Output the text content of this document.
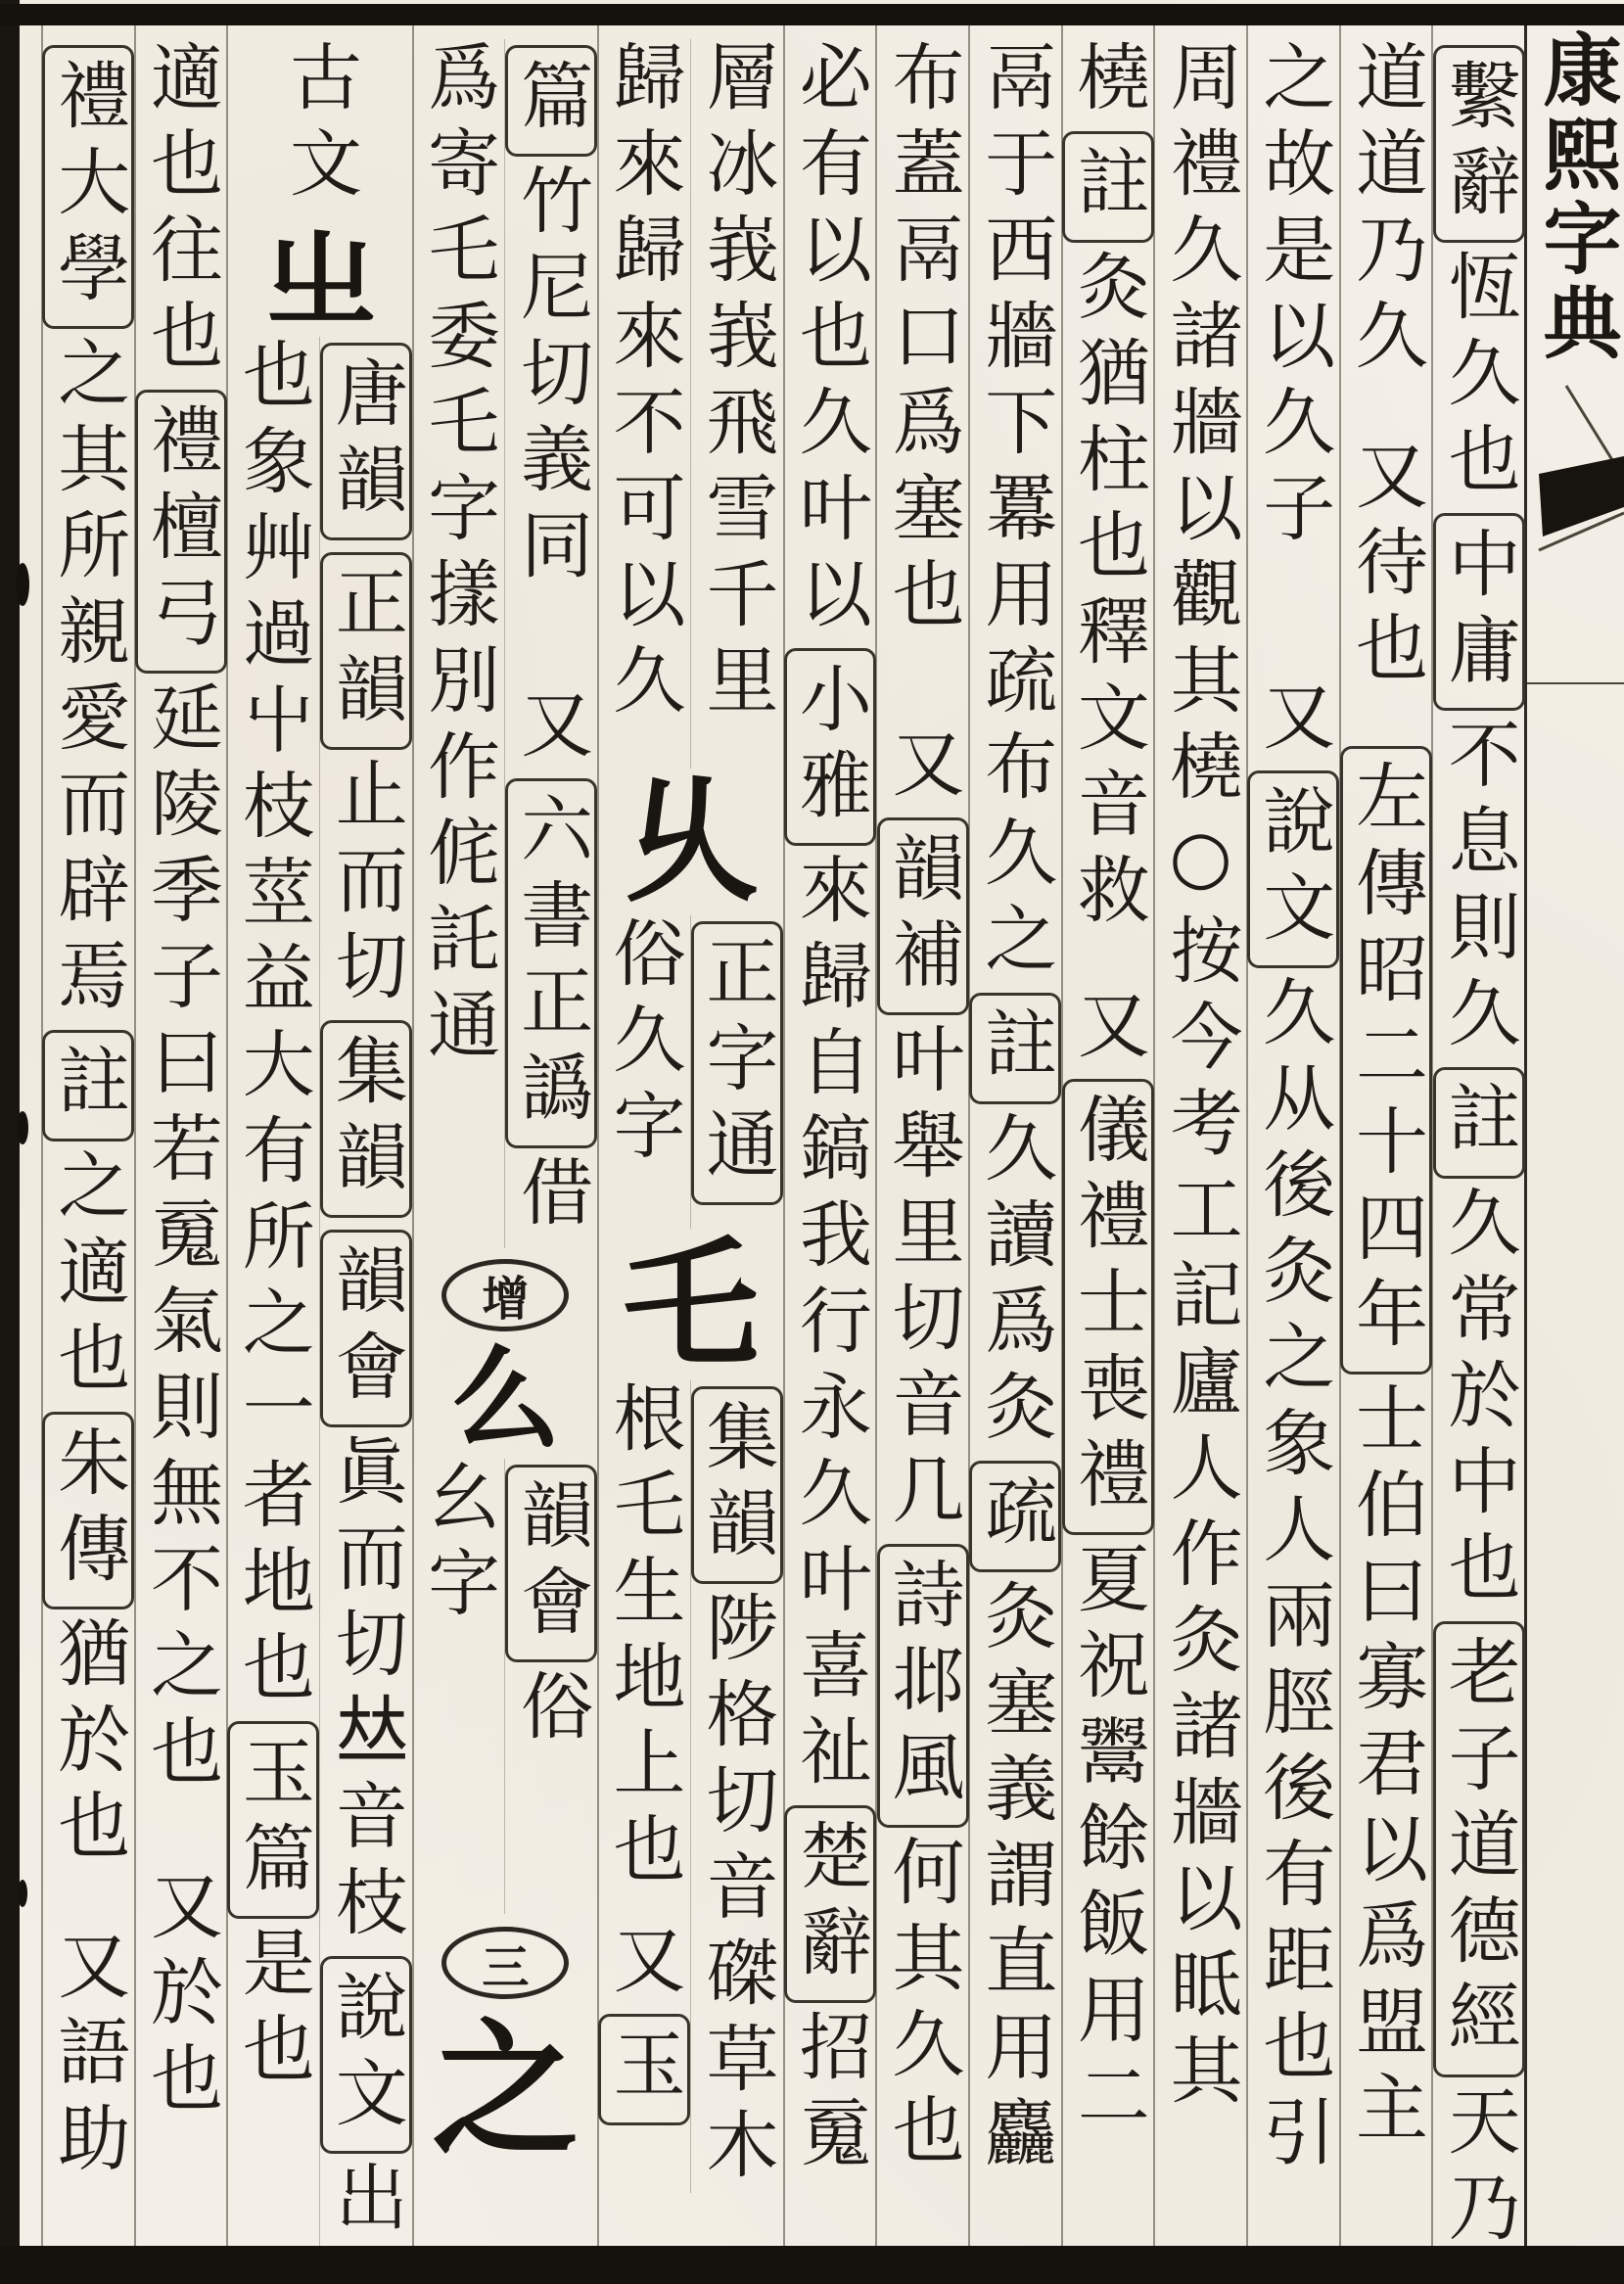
繫辭恆久也中庸不息則久註久常於中也老子道德經天乃
道道乃久又待也左傳昭二十四年士伯曰寡君以爲盟主
之故是以久子又說文久从後灸之象人兩脛後有距也引
周禮久諸牆以觀其橈○按今考工記廬人作灸諸牆以眡其
橈註灸猶柱也釋文音救又儀禮士喪禮夏祝鬻餘飯用二
鬲于西牆下羃用疏布久之註久讀爲灸疏灸塞義謂直用麤
布蓋鬲口爲塞也又韻補叶舉里切音几詩邶風何其久也
必有以也久叶以小雅來歸自鎬我行永久叶喜祉楚辭招䰟
層冰峩峩飛雪千里
歸來歸來不可以久
乆
正字通
俗久字
乇
集韻陟格切音磔草木
根乇生地上也又玉
篇竹尼切義同又六書正譌借
爲寄乇委乇字㨾別作侂託通
增
么
韻會俗
幺字
三
之
古文
㞢
唐韻正韻止而切集韻韻會眞而切𠀤音枝說文出
也象艸過屮枝莖益大有所之一者地也玉篇是也
適也往也禮檀弓延陵季子曰若䰟氣則無不之也又於也
禮大學之其所親愛而辟焉註之適也朱傳猶於也又語助
康熙字典
